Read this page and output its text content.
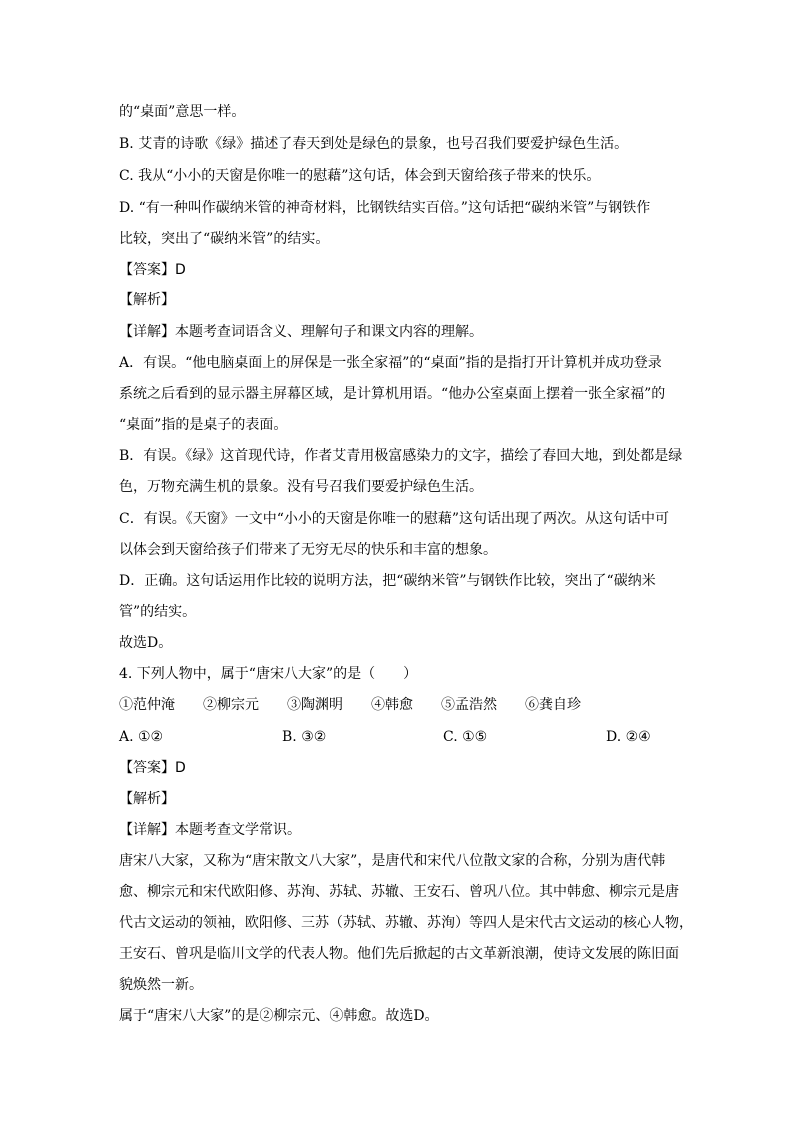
的“桌面”意思一样。
B. 艾青的诗歌《绿》描述了春天到处是绿色的景象，也号召我们要爱护绿色生活。
C. 我从“小小的天窗是你唯一的慰藉”这句话，体会到天窗给孩子带来的快乐。
D. “有一种叫作碳纳米管的神奇材料，比钢铁结实百倍。”这句话把“碳纳米管”与钢铁作
比较，突出了“碳纳米管”的结实。
【答案】D
【解析】
【详解】本题考查词语含义、理解句子和课文内容的理解。
A．有误。“他电脑桌面上的屏保是一张全家福”的“桌面”指的是指打开计算机并成功登录
系统之后看到的显示器主屏幕区域，是计算机用语。“他办公室桌面上摆着一张全家福”的
“桌面”指的是桌子的表面。
B．有误。《绿》这首现代诗，作者艾青用极富感染力的文字，描绘了春回大地，到处都是绿
色，万物充满生机的景象。没有号召我们要爱护绿色生活。
C．有误。《天窗》一文中“小小的天窗是你唯一的慰藉”这句话出现了两次。从这句话中可
以体会到天窗给孩子们带来了无穷无尽的快乐和丰富的想象。
D．正确。这句话运用作比较的说明方法，把“碳纳米管”与钢铁作比较，突出了“碳纳米
管”的结实。
故选D。
4. 下列人物中，属于“唐宋八大家”的是（　　）
①范仲淹 ②柳宗元 ③陶渊明 ④韩愈 ⑤孟浩然 ⑥龚自珍
A. ①②	B. ③②	C. ①⑤	D. ②④
【答案】D
【解析】
【详解】本题考查文学常识。
唐宋八大家，又称为“唐宋散文八大家”，是唐代和宋代八位散文家的合称，分别为唐代韩
愈、柳宗元和宋代欧阳修、苏洵、苏轼、苏辙、王安石、曾巩八位。其中韩愈、柳宗元是唐
代古文运动的领袖，欧阳修、三苏（苏轼、苏辙、苏洵）等四人是宋代古文运动的核心人物，
王安石、曾巩是临川文学的代表人物。他们先后掀起的古文革新浪潮，使诗文发展的陈旧面
貌焕然一新。
属于“唐宋八大家”的是②柳宗元、④韩愈。故选D。
